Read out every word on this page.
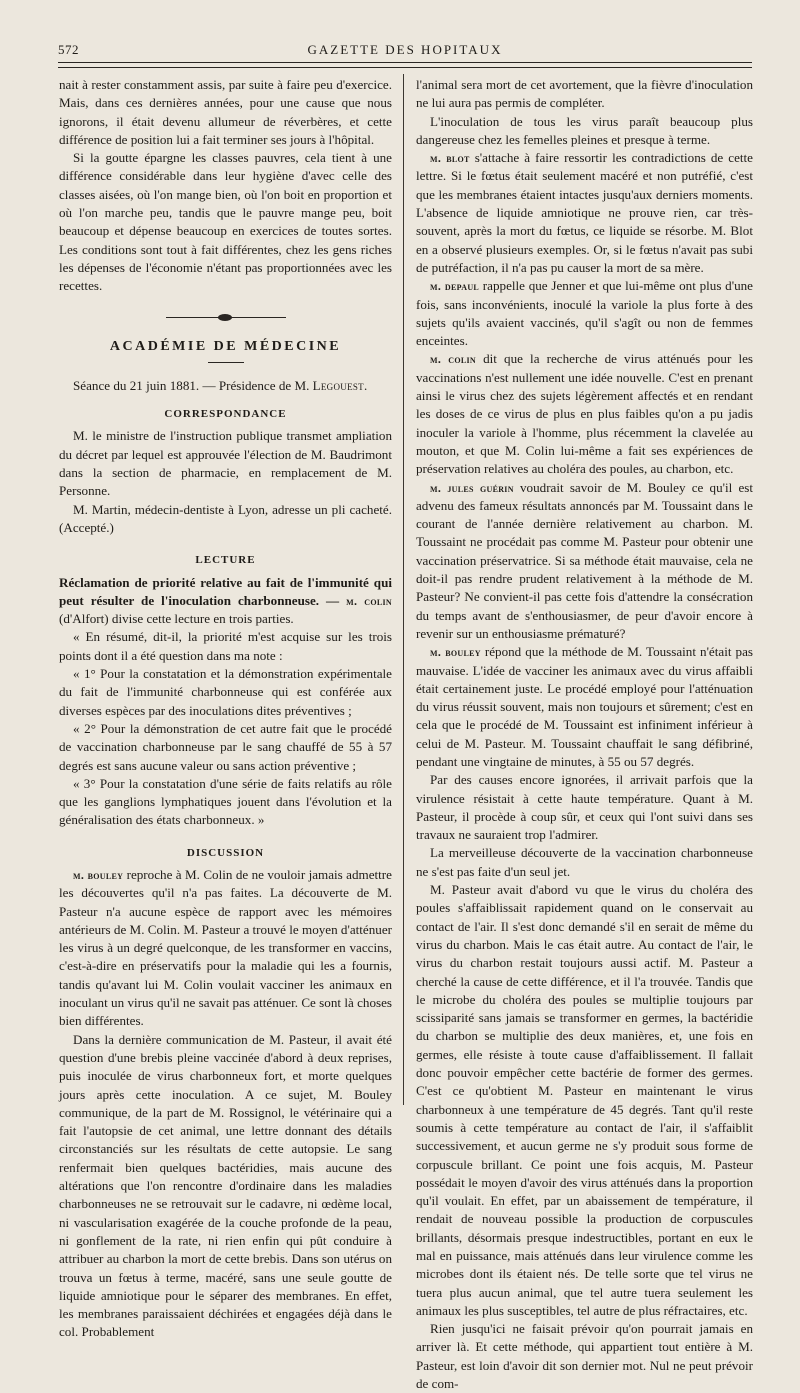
572	GAZETTE DES HOPITAUX

nait à rester constamment assis, par suite à faire peu d'exercice. Mais, dans ces dernières années, pour une cause que nous ignorons, il était devenu allumeur de réverbères, et cette différence de position lui a fait terminer ses jours à l'hôpital.

Si la goutte épargne les classes pauvres, cela tient à une différence considérable dans leur hygiène d'avec celle des classes aisées, où l'on mange bien, où l'on boit en proportion et où l'on marche peu, tandis que le pauvre mange peu, boit beaucoup et dépense beaucoup en exercices de toutes sortes. Les conditions sont tout à fait différentes, chez les gens riches les dépenses de l'économie n'étant pas proportionnées avec les recettes.

ACADÉMIE DE MÉDECINE

Séance du 21 juin 1881. — Présidence de M. Legouest.

CORRESPONDANCE

M. le ministre de l'instruction publique transmet ampliation du décret par lequel est approuvée l'élection de M. Baudrimont dans la section de pharmacie, en remplacement de M. Personne.

M. Martin, médecin-dentiste à Lyon, adresse un pli cacheté. (Accepté.)

LECTURE

Réclamation de priorité relative au fait de l'immunité qui peut résulter de l'inoculation charbonneuse. — m. colin (d'Alfort) divise cette lecture en trois parties.

« En résumé, dit-il, la priorité m'est acquise sur les trois points dont il a été question dans ma note :

« 1° Pour la constatation et la démonstration expérimentale du fait de l'immunité charbonneuse qui est conférée aux diverses espèces par des inoculations dites préventives ;

« 2° Pour la démonstration de cet autre fait que le procédé de vaccination charbonneuse par le sang chauffé de 55 à 57 degrés est sans aucune valeur ou sans action préventive ;

« 3° Pour la constatation d'une série de faits relatifs au rôle que les ganglions lymphatiques jouent dans l'évolution et la généralisation des états charbonneux. »

DISCUSSION

m. bouley reproche à M. Colin de ne vouloir jamais admettre les découvertes qu'il n'a pas faites. La découverte de M. Pasteur n'a aucune espèce de rapport avec les mémoires antérieurs de M. Colin. M. Pasteur a trouvé le moyen d'atténuer les virus à un degré quelconque, de les transformer en vaccins, c'est-à-dire en préservatifs pour la maladie qui les a fournis, tandis qu'avant lui M. Colin voulait vacciner les animaux en inoculant un virus qu'il ne savait pas atténuer. Ce sont là choses bien différentes.

Dans la dernière communication de M. Pasteur, il avait été question d'une brebis pleine vaccinée d'abord à deux reprises, puis inoculée de virus charbonneux fort, et morte quelques jours après cette inoculation. A ce sujet, M. Bouley communique, de la part de M. Rossignol, le vétérinaire qui a fait l'autopsie de cet animal, une lettre donnant des détails circonstanciés sur les résultats de cette autopsie. Le sang renfermait bien quelques bactéridies, mais aucune des altérations que l'on rencontre d'ordinaire dans les maladies charbonneuses ne se retrouvait sur le cadavre, ni œdème local, ni vascularisation exagérée de la couche profonde de la peau, ni gonflement de la rate, ni rien enfin qui pût conduire à attribuer au charbon la mort de cette brebis. Dans son utérus on trouva un fœtus à terme, macéré, sans une seule goutte de liquide amniotique pour le séparer des membranes. En effet, les membranes paraissaient déchirées et engagées déjà dans le col. Probablement

l'animal sera mort de cet avortement, que la fièvre d'inoculation ne lui aura pas permis de compléter.

L'inoculation de tous les virus paraît beaucoup plus dangereuse chez les femelles pleines et presque à terme.

m. blot s'attache à faire ressortir les contradictions de cette lettre. Si le fœtus était seulement macéré et non putréfié, c'est que les membranes étaient intactes jusqu'aux derniers moments. L'absence de liquide amniotique ne prouve rien, car très-souvent, après la mort du fœtus, ce liquide se résorbe. M. Blot en a observé plusieurs exemples. Or, si le fœtus n'avait pas subi de putréfaction, il n'a pas pu causer la mort de sa mère.

m. depaul rappelle que Jenner et que lui-même ont plus d'une fois, sans inconvénients, inoculé la variole la plus forte à des sujets qu'ils avaient vaccinés, qu'il s'agît ou non de femmes enceintes.

m. colin dit que la recherche de virus atténués pour les vaccinations n'est nullement une idée nouvelle. C'est en prenant ainsi le virus chez des sujets légèrement affectés et en rendant les doses de ce virus de plus en plus faibles qu'on a pu jadis inoculer la variole à l'homme, plus récemment la clavelée au mouton, et que M. Colin lui-même a fait ses expériences de préservation relatives au choléra des poules, au charbon, etc.

m. jules guérin voudrait savoir de M. Bouley ce qu'il est advenu des fameux résultats annoncés par M. Toussaint dans le courant de l'année dernière relativement au charbon. M. Toussaint ne procédait pas comme M. Pasteur pour obtenir une vaccination préservatrice. Si sa méthode était mauvaise, cela ne doit-il pas rendre prudent relativement à la méthode de M. Pasteur? Ne convient-il pas cette fois d'attendre la consécration du temps avant de s'enthousiasmer, de peur d'avoir encore à revenir sur un enthousiasme prématuré?

m. bouley répond que la méthode de M. Toussaint n'était pas mauvaise. L'idée de vacciner les animaux avec du virus affaibli était certainement juste. Le procédé employé pour l'atténuation du virus réussit souvent, mais non toujours et sûrement; c'est en cela que le procédé de M. Toussaint est infiniment inférieur à celui de M. Pasteur. M. Toussaint chauffait le sang défibriné, pendant une vingtaine de minutes, à 55 ou 57 degrés.

Par des causes encore ignorées, il arrivait parfois que la virulence résistait à cette haute température. Quant à M. Pasteur, il procède à coup sûr, et ceux qui l'ont suivi dans ses travaux ne sauraient trop l'admirer.

La merveilleuse découverte de la vaccination charbonneuse ne s'est pas faite d'un seul jet.

M. Pasteur avait d'abord vu que le virus du choléra des poules s'affaiblissait rapidement quand on le conservait au contact de l'air. Il s'est donc demandé s'il en serait de même du virus du charbon. Mais le cas était autre. Au contact de l'air, le virus du charbon restait toujours aussi actif. M. Pasteur a cherché la cause de cette différence, et il l'a trouvée. Tandis que le microbe du choléra des poules se multiplie toujours par scissiparité sans jamais se transformer en germes, la bactéridie du charbon se multiplie des deux manières, et, une fois en germes, elle résiste à toute cause d'affaiblissement. Il fallait donc pouvoir empêcher cette bactérie de former des germes. C'est ce qu'obtient M. Pasteur en maintenant le virus charbonneux à une température de 45 degrés. Tant qu'il reste soumis à cette température au contact de l'air, il s'affaiblit successivement, et aucun germe ne s'y produit sous forme de corpuscule brillant. Ce point une fois acquis, M. Pasteur possédait le moyen d'avoir des virus atténués dans la proportion qu'il voulait. En effet, par un abaissement de température, il rendait de nouveau possible la production de corpuscules brillants, désormais presque indestructibles, portant en eux le mal en puissance, mais atténués dans leur virulence comme les microbes dont ils étaient nés. De telle sorte que tel virus ne tuera plus aucun animal, que tel autre tuera seulement les animaux les plus susceptibles, tel autre de plus réfractaires, etc.

Rien jusqu'ici ne faisait prévoir qu'on pourrait jamais en arriver là. Et cette méthode, qui appartient tout entière à M. Pasteur, est loin d'avoir dit son dernier mot. Nul ne peut prévoir de com-
